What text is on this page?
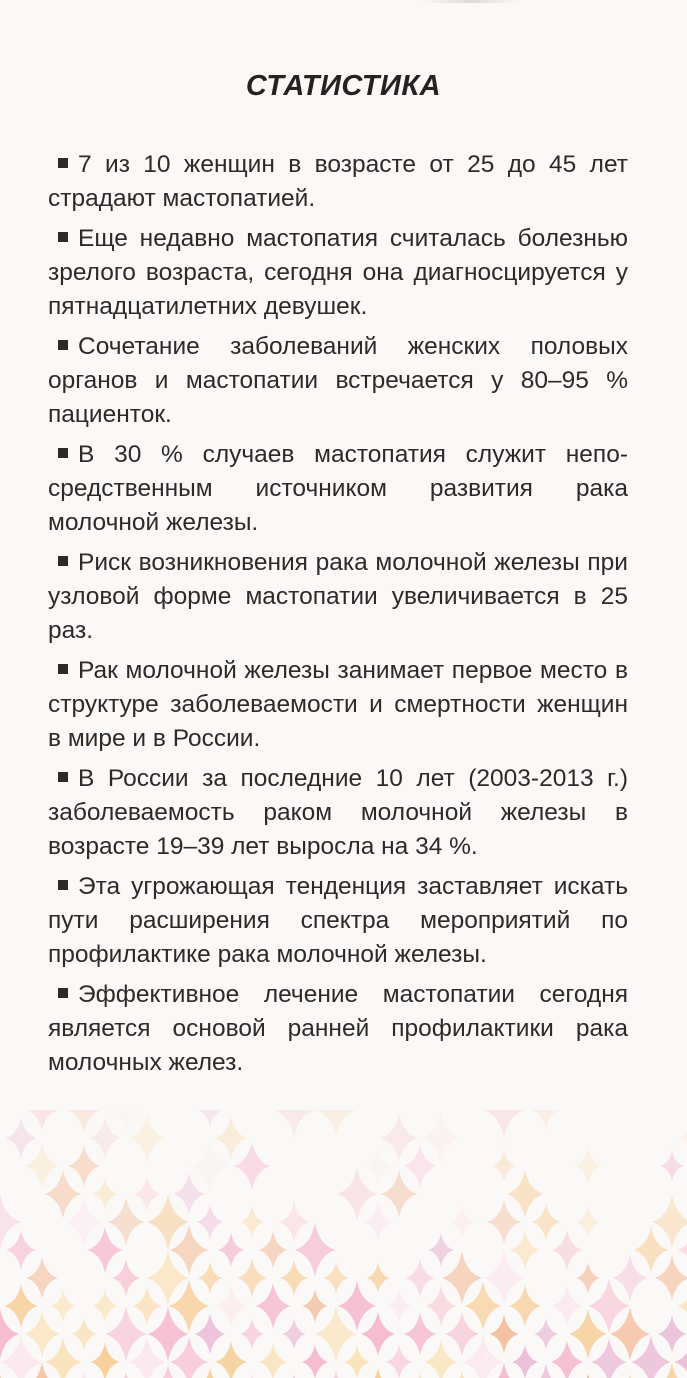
СТАТИСТИКА
7 из 10 женщин в возрасте от 25 до 45 лет страдают мастопатией.
Еще недавно мастопатия считалась болезнью зрелого возраста, сегодня она диагносцируется у пятнадцатилетних девушек.
Сочетание заболеваний женских половых органов и мастопатии встречается у 80–95 % пациенток.
В 30 % случаев мастопатия служит непо-средственным источником развития рака молочной железы.
Риск возникновения рака молочной железы при узловой форме мастопатии увеличивается в 25 раз.
Рак молочной железы занимает первое место в структуре заболеваемости и смертности женщин в мире и в России.
В России за последние 10 лет (2003-2013 г.) заболеваемость раком молочной железы в возрасте 19–39 лет выросла на 34 %.
Эта угрожающая тенденция заставляет искать пути расширения спектра мероприятий по профилактике рака молочной железы.
Эффективное лечение мастопатии сегодня является основой ранней профилактики рака молочных желез.
